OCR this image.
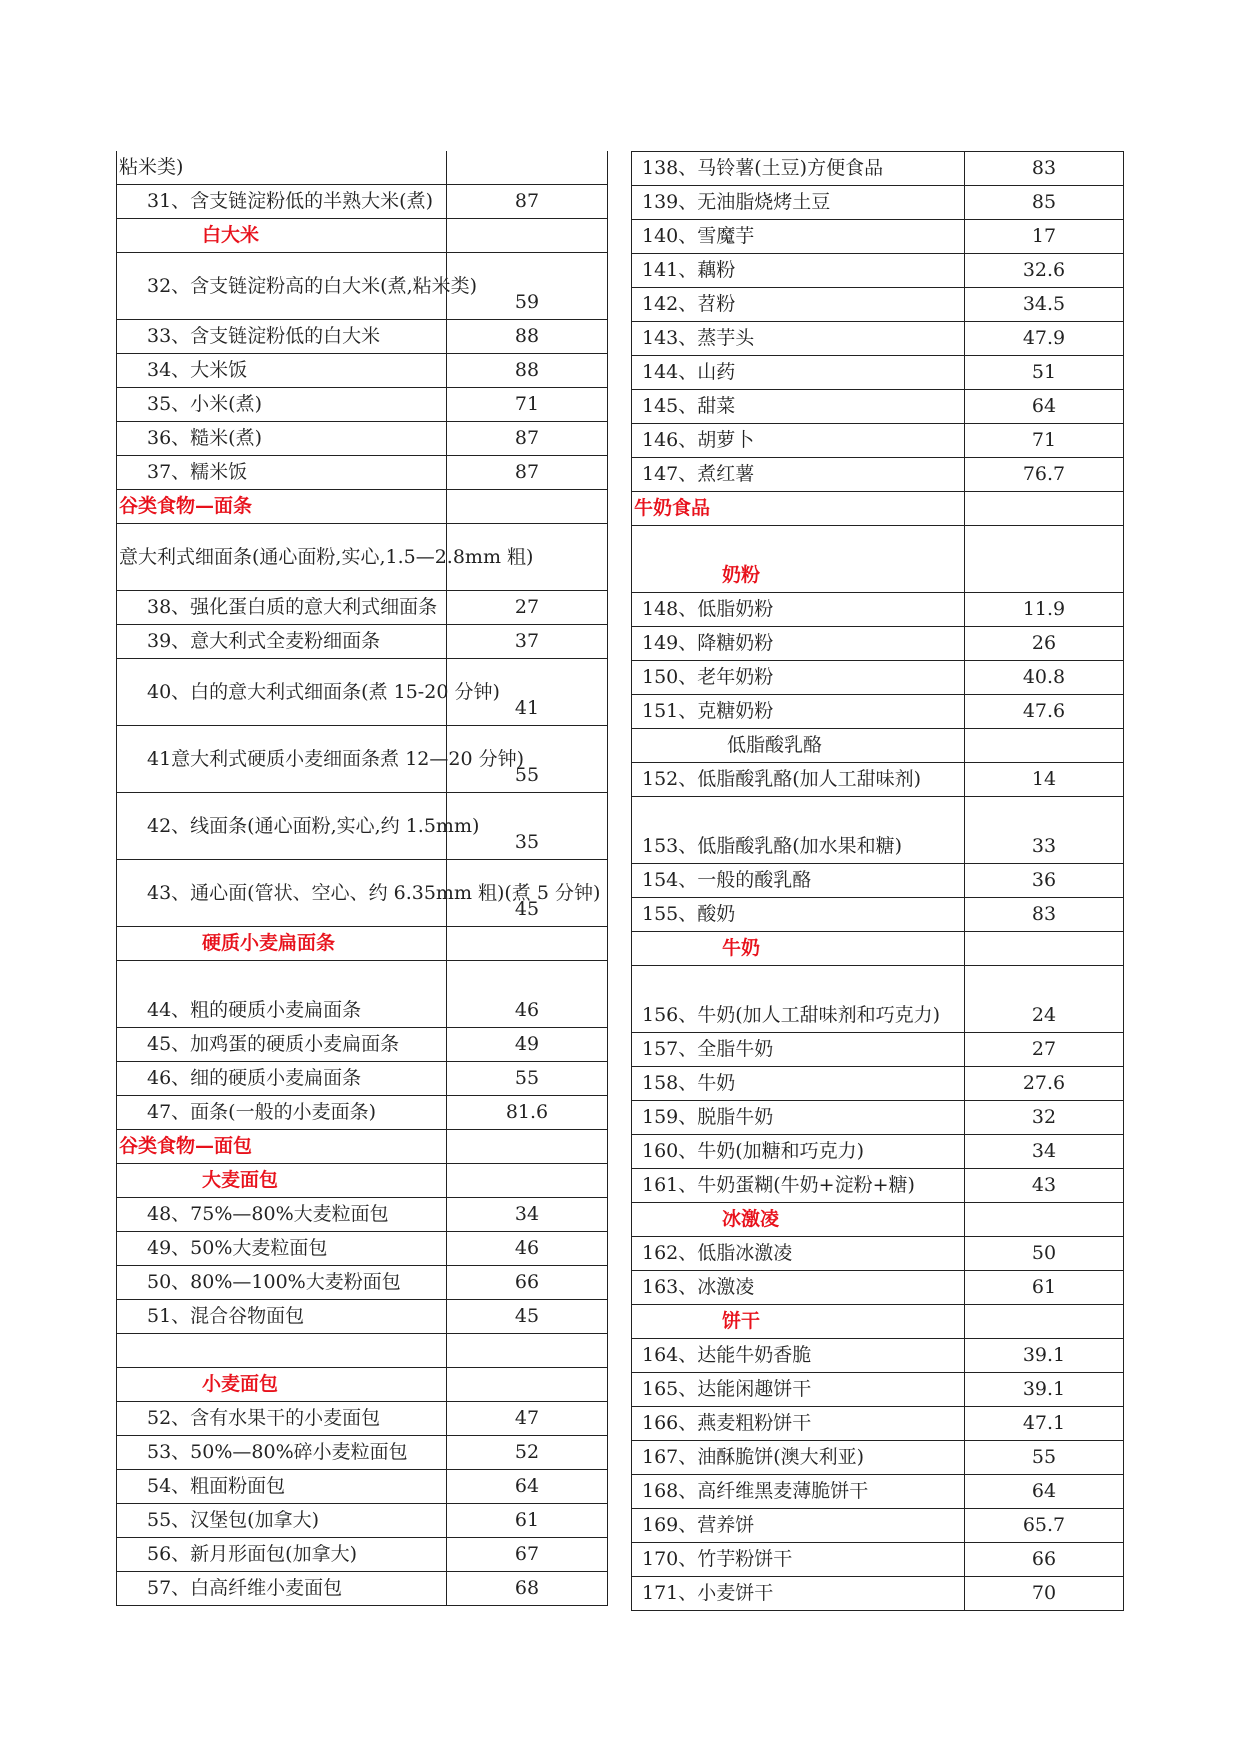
粘米类)	
31、含支链淀粉低的半熟大米(煮)	87
白大米	
32、含支链淀粉高的白大米(煮,粘米类)	59
33、含支链淀粉低的白大米	88
34、大米饭	88
35、小米(煮)	71
36、糙米(煮)	87
37、糯米饭	87
谷类食物—面条	
意大利式细面条(通心面粉,实心,1.5—2.8mm 粗)	
38、强化蛋白质的意大利式细面条	27
39、意大利式全麦粉细面条	37
40、白的意大利式细面条(煮 15-20 分钟)	41
41意大利式硬质小麦细面条煮 12—20 分钟)	55
42、线面条(通心面粉,实心,约 1.5mm)	35
43、通心面(管状、空心、约 6.35mm 粗)(煮 5 分钟)	45
硬质小麦扁面条	
44、粗的硬质小麦扁面条	46
45、加鸡蛋的硬质小麦扁面条	49
46、细的硬质小麦扁面条	55
47、面条(一般的小麦面条)	81.6
谷类食物—面包	
大麦面包	
48、75%—80%大麦粒面包	34
49、50%大麦粒面包	46
50、80%—100%大麦粉面包	66
51、混合谷物面包	45

小麦面包	
52、含有水果干的小麦面包	47
53、50%—80%碎小麦粒面包	52
54、粗面粉面包	64
55、汉堡包(加拿大)	61
56、新月形面包(加拿大)	67
57、白高纤维小麦面包	68
138、马铃薯(土豆)方便食品	83
139、无油脂烧烤土豆	85
140、雪魔芋	17
141、藕粉	32.6
142、苕粉	34.5
143、蒸芋头	47.9
144、山药	51
145、甜菜	64
146、胡萝卜	71
147、煮红薯	76.7
牛奶食品	
奶粉	
148、低脂奶粉	11.9
149、降糖奶粉	26
150、老年奶粉	40.8
151、克糖奶粉	47.6
低脂酸乳酪	
152、低脂酸乳酪(加人工甜味剂)	14
153、低脂酸乳酪(加水果和糖)	33
154、一般的酸乳酪	36
155、酸奶	83
牛奶	
156、牛奶(加人工甜味剂和巧克力)	24
157、全脂牛奶	27
158、牛奶	27.6
159、脱脂牛奶	32
160、牛奶(加糖和巧克力)	34
161、牛奶蛋糊(牛奶+淀粉+糖)	43
冰激凌	
162、低脂冰激凌	50
163、冰激凌	61
饼干	
164、达能牛奶香脆	39.1
165、达能闲趣饼干	39.1
166、燕麦粗粉饼干	47.1
167、油酥脆饼(澳大利亚)	55
168、高纤维黑麦薄脆饼干	64
169、营养饼	65.7
170、竹芋粉饼干	66
171、小麦饼干	70
